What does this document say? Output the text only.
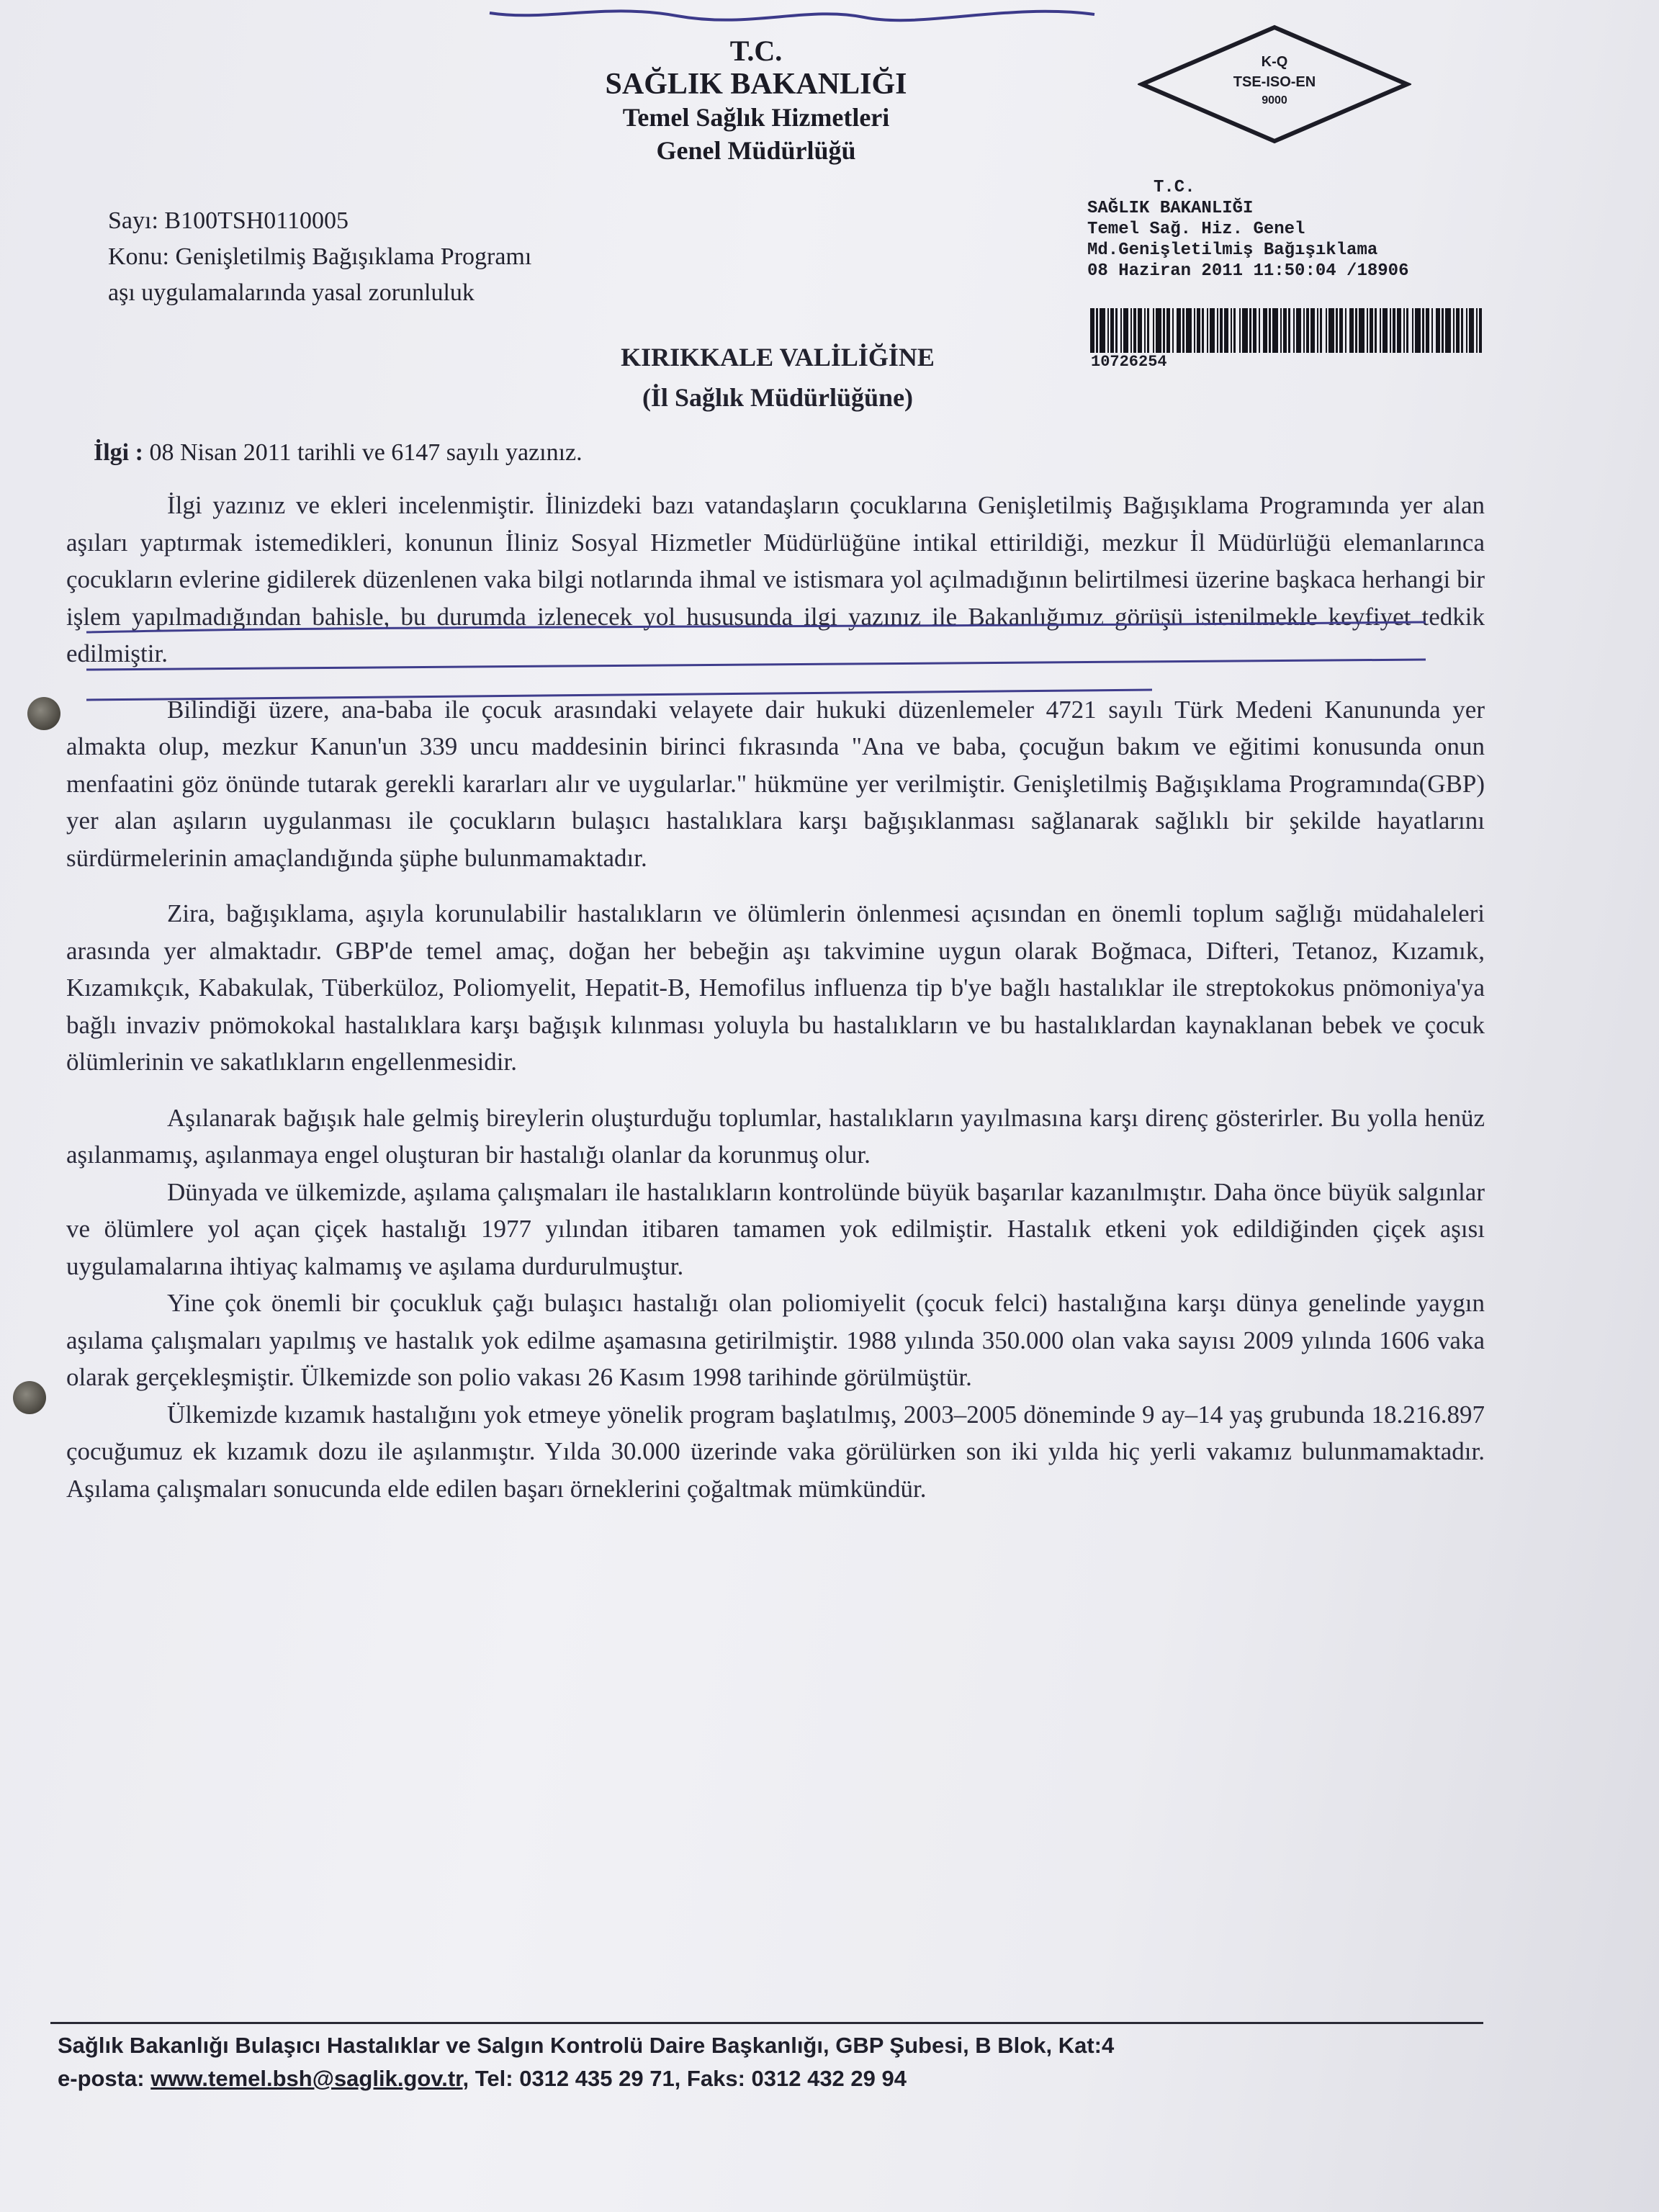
T.C.
SAĞLIK BAKANLIĞI
Temel Sağlık Hizmetleri
Genel Müdürlüğü
K-Q
TSE-ISO-EN
9000
T.C.
SAĞLIK BAKANLIĞI
Temel Sağ. Hiz. Genel
Md.Genişletilmiş Bağışıklama
08 Haziran 2011 11:50:04 /18906
10726254
Sayı: B100TSH0110005
Konu: Genişletilmiş Bağışıklama Programı
aşı uygulamalarında yasal zorunluluk
KIRIKKALE VALİLİĞİNE
(İl Sağlık Müdürlüğüne)
İlgi : 08 Nisan 2011 tarihli ve 6147 sayılı yazınız.

İlgi yazınız ve ekleri incelenmiştir. İlinizdeki bazı vatandaşların çocuklarına Genişletilmiş Bağışıklama Programında yer alan aşıları yaptırmak istemedikleri, konunun İliniz Sosyal Hizmetler Müdürlüğüne intikal ettirildiği, mezkur İl Müdürlüğü elemanlarınca çocukların evlerine gidilerek düzenlenen vaka bilgi notlarında ihmal ve istismara yol açılmadığının belirtilmesi üzerine başkaca herhangi bir işlem yapılmadığından bahisle, bu durumda izlenecek yol hususunda ilgi yazınız ile Bakanlığımız görüşü istenilmekle keyfiyet tedkik edilmiştir.

Bilindiği üzere, ana-baba ile çocuk arasındaki velayete dair hukuki düzenlemeler 4721 sayılı Türk Medeni Kanununda yer almakta olup, mezkur Kanun'un 339 uncu maddesinin birinci fıkrasında "Ana ve baba, çocuğun bakım ve eğitimi konusunda onun menfaatini göz önünde tutarak gerekli kararları alır ve uygularlar." hükmüne yer verilmiştir. Genişletilmiş Bağışıklama Programında(GBP) yer alan aşıların uygulanması ile çocukların bulaşıcı hastalıklara karşı bağışıklanması sağlanarak sağlıklı bir şekilde hayatlarını sürdürmelerinin amaçlandığında şüphe bulunmamaktadır.

Zira, bağışıklama, aşıyla korunulabilir hastalıkların ve ölümlerin önlenmesi açısından en önemli toplum sağlığı müdahaleleri arasında yer almaktadır. GBP'de temel amaç, doğan her bebeğin aşı takvimine uygun olarak Boğmaca, Difteri, Tetanoz, Kızamık, Kızamıkçık, Kabakulak, Tüberküloz, Poliomyelit, Hepatit-B, Hemofilus influenza tip b'ye bağlı hastalıklar ile streptokokus pnömoniya'ya bağlı invaziv pnömokokal hastalıklara karşı bağışık kılınması yoluyla bu hastalıkların ve bu hastalıklardan kaynaklanan bebek ve çocuk ölümlerinin ve sakatlıkların engellenmesidir.

Aşılanarak bağışık hale gelmiş bireylerin oluşturduğu toplumlar, hastalıkların yayılmasına karşı direnç gösterirler. Bu yolla henüz aşılanmamış, aşılanmaya engel oluşturan bir hastalığı olanlar da korunmuş olur.

Dünyada ve ülkemizde, aşılama çalışmaları ile hastalıkların kontrolünde büyük başarılar kazanılmıştır. Daha önce büyük salgınlar ve ölümlere yol açan çiçek hastalığı 1977 yılından itibaren tamamen yok edilmiştir. Hastalık etkeni yok edildiğinden çiçek aşısı uygulamalarına ihtiyaç kalmamış ve aşılama durdurulmuştur.

Yine çok önemli bir çocukluk çağı bulaşıcı hastalığı olan poliomiyelit (çocuk felci) hastalığına karşı dünya genelinde yaygın aşılama çalışmaları yapılmış ve hastalık yok edilme aşamasına getirilmiştir. 1988 yılında 350.000 olan vaka sayısı 2009 yılında 1606 vaka olarak gerçekleşmiştir. Ülkemizde son polio vakası 26 Kasım 1998 tarihinde görülmüştür.

Ülkemizde kızamık hastalığını yok etmeye yönelik program başlatılmış, 2003–2005 döneminde 9 ay–14 yaş grubunda 18.216.897 çocuğumuz ek kızamık dozu ile aşılanmıştır. Yılda 30.000 üzerinde vaka görülürken son iki yılda hiç yerli vakamız bulunmamaktadır. Aşılama çalışmaları sonucunda elde edilen başarı örneklerini çoğaltmak mümkündür.

Sağlık Bakanlığı Bulaşıcı Hastalıklar ve Salgın Kontrolü Daire Başkanlığı, GBP Şubesi, B Blok, Kat:4
e-posta: www.temel.bsh@saglik.gov.tr, Tel: 0312 435 29 71, Faks: 0312 432 29 94
